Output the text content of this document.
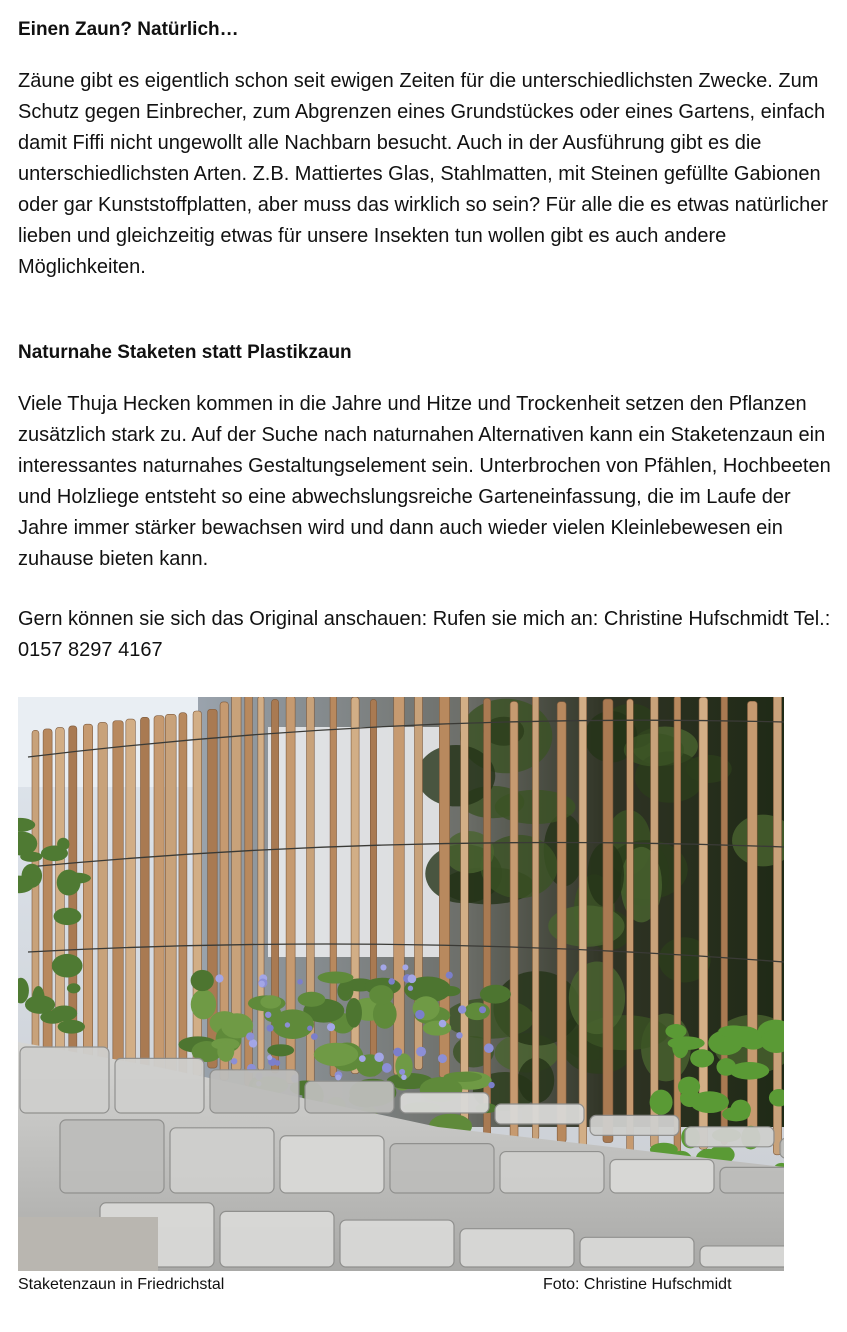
Einen Zaun? Natürlich…

Zäune gibt es eigentlich schon seit ewigen Zeiten für die unterschiedlichsten Zwecke. Zum Schutz gegen Einbrecher, zum Abgrenzen eines Grundstückes oder eines Gartens, einfach damit Fiffi nicht ungewollt alle Nachbarn besucht. Auch in der Ausführung gibt es die unterschiedlichsten Arten. Z.B. Mattiertes Glas, Stahlmatten, mit Steinen gefüllte Gabionen oder gar Kunststoffplatten, aber muss das wirklich so sein? Für alle die es etwas natürlicher lieben und gleichzeitig etwas für unsere Insekten tun wollen gibt es auch andere Möglichkeiten.

Naturnahe Staketen statt Plastikzaun

Viele Thuja Hecken kommen in die Jahre und Hitze und Trockenheit setzen den Pflanzen zusätzlich stark zu. Auf der Suche nach naturnahen Alternativen kann ein Staketenzaun ein interessantes naturnahes Gestaltungselement sein. Unterbrochen von Pfählen, Hochbeeten und Holzliege entsteht so eine abwechslungsreiche Garteneinfassung, die im Laufe der Jahre immer stärker bewachsen wird und dann auch wieder vielen Kleinlebewesen ein zuhause bieten kann.

Gern können sie sich das Original anschauen: Rufen sie mich an: Christine Hufschmidt Tel.: 0157 8297 4167

Staketenzaun in Friedrichstal	Foto: Christine Hufschmidt
